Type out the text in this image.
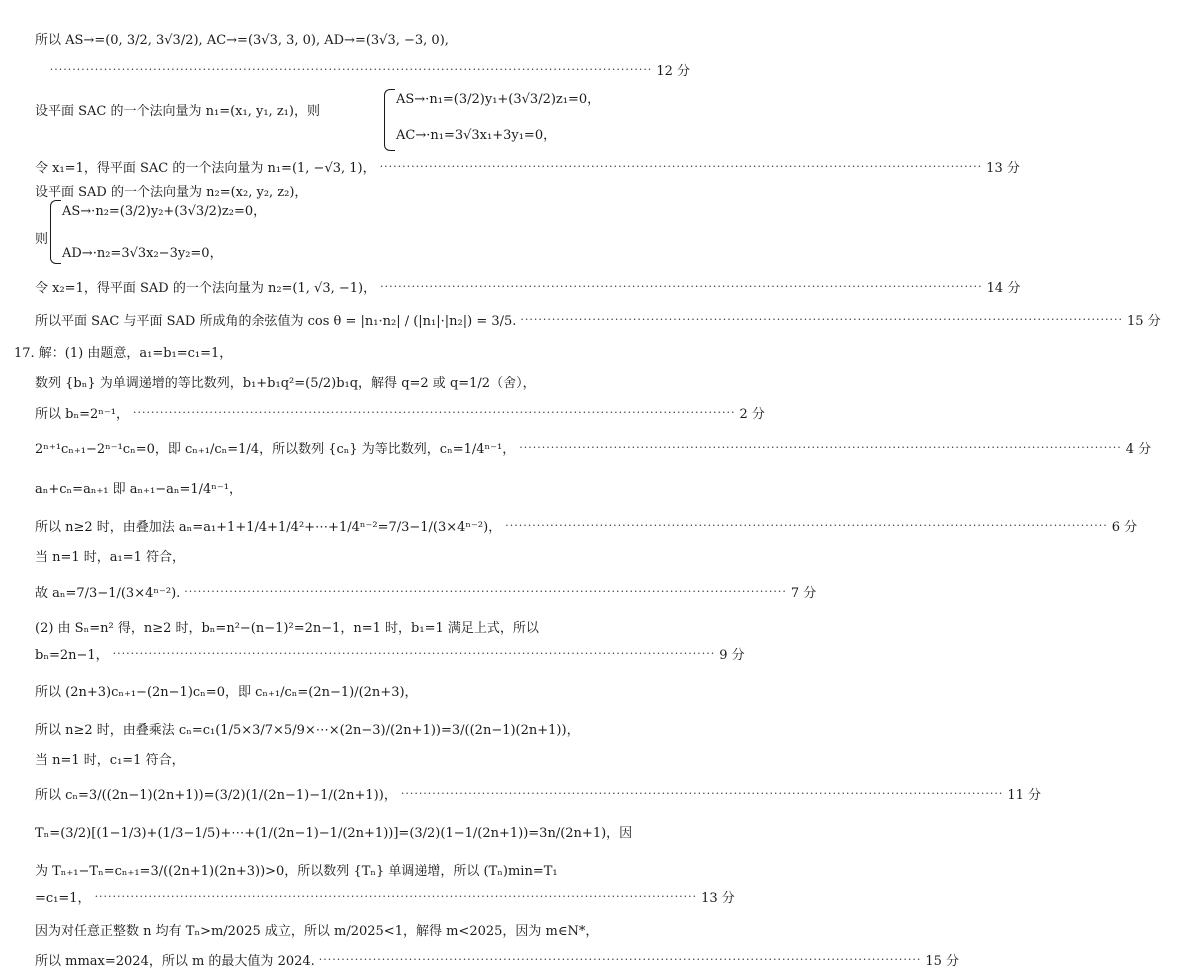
所以 AS→=(0, 3/2, 3√3/2), AC→=(3√3, 3, 0), AD→=(3√3, −3, 0),
······································································································································ 12 分
设平面 SAC 的一个法向量为 n₁=(x₁, y₁, z₁)，则
AS→·n₁=(3/2)y₁+(3√3/2)z₁=0，
AC→·n₁=3√3x₁+3y₁=0，
令 x₁=1，得平面 SAC 的一个法向量为 n₁=(1, −√3, 1)， ······································································································································ 13 分
设平面 SAD 的一个法向量为 n₂=(x₂, y₂, z₂)，
则
AS→·n₂=(3/2)y₂+(3√3/2)z₂=0，
AD→·n₂=3√3x₂−3y₂=0，
令 x₂=1，得平面 SAD 的一个法向量为 n₂=(1, √3, −1)， ······································································································································ 14 分
所以平面 SAC 与平面 SAD 所成角的余弦值为 cos θ = |n₁·n₂| / (|n₁|·|n₂|) = 3/5. ······································································································································ 15 分
17. 解：(1) 由题意，a₁=b₁=c₁=1，
数列 {bₙ} 为单调递增的等比数列，b₁+b₁q²=(5/2)b₁q，解得 q=2 或 q=1/2（舍），
所以 bₙ=2ⁿ⁻¹， ······································································································································ 2 分
2ⁿ⁺¹cₙ₊₁−2ⁿ⁻¹cₙ=0，即 cₙ₊₁/cₙ=1/4，所以数列 {cₙ} 为等比数列，cₙ=1/4ⁿ⁻¹， ······································································································································ 4 分
aₙ+cₙ=aₙ₊₁ 即 aₙ₊₁−aₙ=1/4ⁿ⁻¹，
所以 n≥2 时，由叠加法 aₙ=a₁+1+1/4+1/4²+⋯+1/4ⁿ⁻²=7/3−1/(3×4ⁿ⁻²)， ······································································································································ 6 分
当 n=1 时，a₁=1 符合，
故 aₙ=7/3−1/(3×4ⁿ⁻²). ······································································································································ 7 分
(2) 由 Sₙ=n² 得，n≥2 时，bₙ=n²−(n−1)²=2n−1，n=1 时，b₁=1 满足上式，所以
bₙ=2n−1， ······································································································································ 9 分
所以 (2n+3)cₙ₊₁−(2n−1)cₙ=0，即 cₙ₊₁/cₙ=(2n−1)/(2n+3)，
所以 n≥2 时，由叠乘法 cₙ=c₁(1/5×3/7×5/9×⋯×(2n−3)/(2n+1))=3/((2n−1)(2n+1))，
当 n=1 时，c₁=1 符合，
所以 cₙ=3/((2n−1)(2n+1))=(3/2)(1/(2n−1)−1/(2n+1))， ······································································································································ 11 分
Tₙ=(3/2)[(1−1/3)+(1/3−1/5)+⋯+(1/(2n−1)−1/(2n+1))]=(3/2)(1−1/(2n+1))=3n/(2n+1)，因
为 Tₙ₊₁−Tₙ=cₙ₊₁=3/((2n+1)(2n+3))>0，所以数列 {Tₙ} 单调递增，所以 (Tₙ)min=T₁
=c₁=1， ······································································································································ 13 分
因为对任意正整数 n 均有 Tₙ>m/2025 成立，所以 m/2025<1，解得 m<2025，因为 m∈N*，
所以 mmax=2024，所以 m 的最大值为 2024. ······································································································································ 15 分
